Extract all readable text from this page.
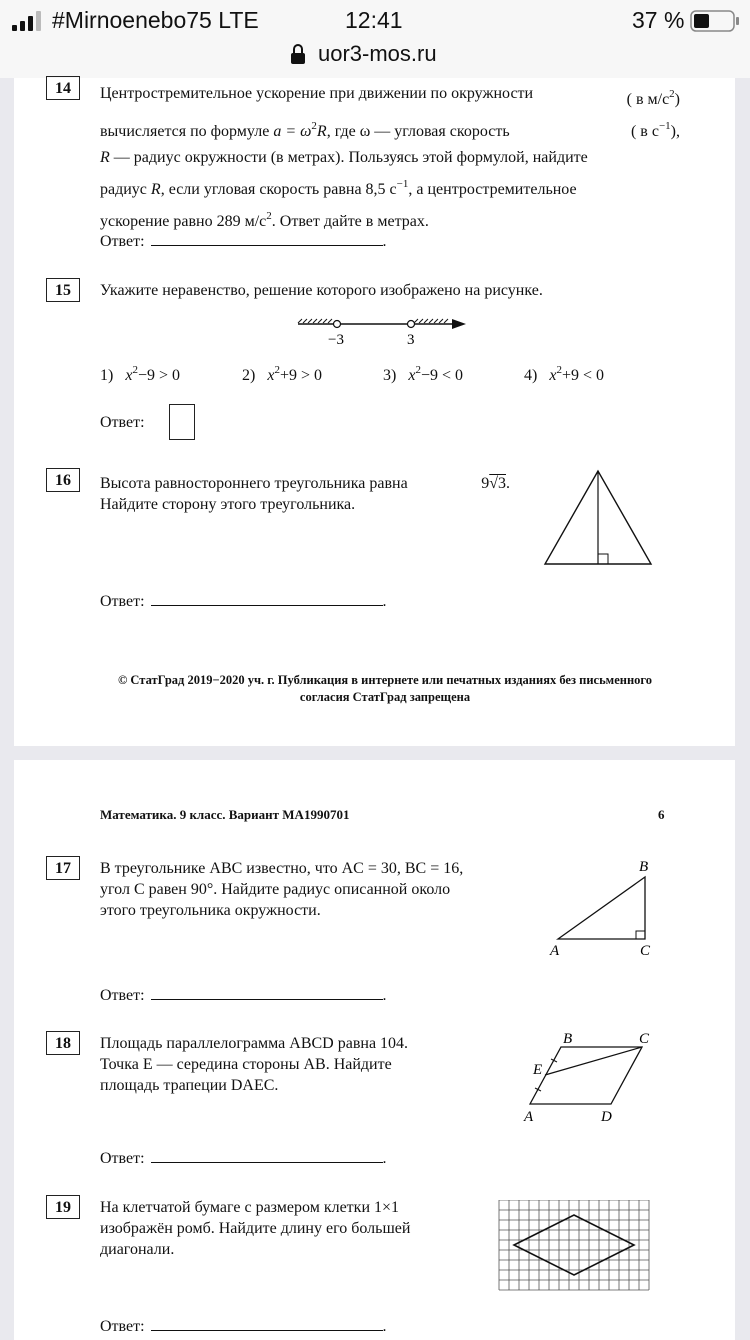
#Mirnoenebo75 LTE	12:41	37 %
uor3-mos.ru
14	Центростремительное ускорение при движении по окружности	( в $м/с^2$)
вычисляется по формуле $a = \omega^2R$, где ω — угловая скорость	( в $с^{-1}$),
R — радиус окружности (в метрах). Пользуясь этой формулой, найдите
радиус R, если угловая скорость равна 8,5 $с^{-1}$, а центростремительное
ускорение равно 289 $м/с^2$. Ответ дайте в метрах.
Ответ:	.
15	Укажите неравенство, решение которого изображено на рисунке.
−3	3
1) $x^2-9 > 0$	2) $x^2+9 > 0$	3) $x^2-9 < 0$	4) $x^2+9 < 0$
Ответ:
16	Высота равностороннего треугольника равна	9√3.
Найдите сторону этого треугольника.
Ответ:	.
© СтатГрад 2019−2020 уч. г. Публикация в интернете или печатных изданиях без письменного
согласия СтатГрад запрещена
Математика. 9 класс. Вариант МА1990701	6
17	В треугольнике ABC известно, что AC = 30, BC = 16,
угол C равен 90°. Найдите радиус описанной около
этого треугольника окружности.
A
B
C
Ответ:	.
18	Площадь параллелограмма ABCD равна 104.
Точка E — середина стороны AB. Найдите
площадь трапеции DAEC.
A
B	C
D
E
Ответ:	.
19	На клетчатой бумаге с размером клетки 1×1
изображён ромб. Найдите длину его большей
диагонали.
Ответ:	.
